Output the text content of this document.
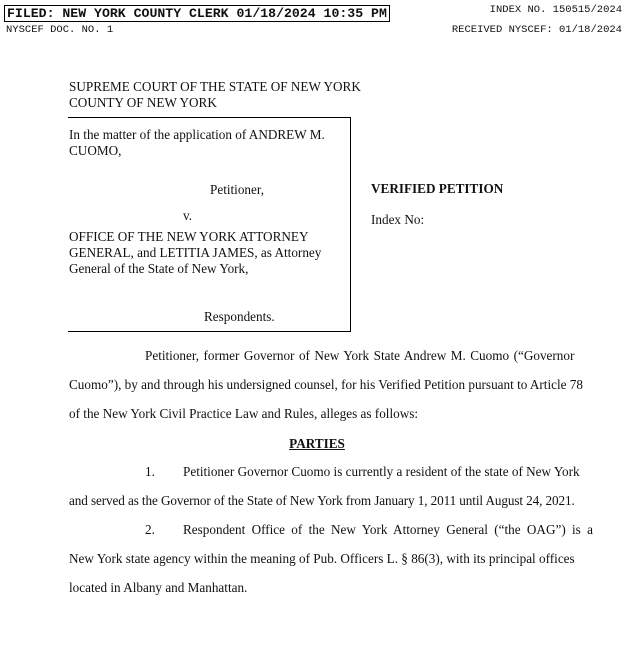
FILED: NEW YORK COUNTY CLERK 01/18/2024 10:35 PM	INDEX NO. 150515/2024
NYSCEF DOC. NO. 1	RECEIVED NYSCEF: 01/18/2024
SUPREME COURT OF THE STATE OF NEW YORK
COUNTY OF NEW YORK
In the matter of the application of ANDREW M.
CUOMO,
Petitioner,
v.
OFFICE OF THE NEW YORK ATTORNEY
GENERAL, and LETITIA JAMES, as Attorney
General of the State of New York,
Respondents.
VERIFIED PETITION
Index No:
Petitioner, former Governor of New York State Andrew M. Cuomo (“Governor
Cuomo”), by and through his undersigned counsel, for his Verified Petition pursuant to Article 78
of the New York Civil Practice Law and Rules, alleges as follows:
PARTIES
1. Petitioner Governor Cuomo is currently a resident of the state of New York
and served as the Governor of the State of New York from January 1, 2011 until August 24, 2021.
2. Respondent Office of the New York Attorney General (“the OAG”) is a
New York state agency within the meaning of Pub. Officers L. § 86(3), with its principal offices
located in Albany and Manhattan.
